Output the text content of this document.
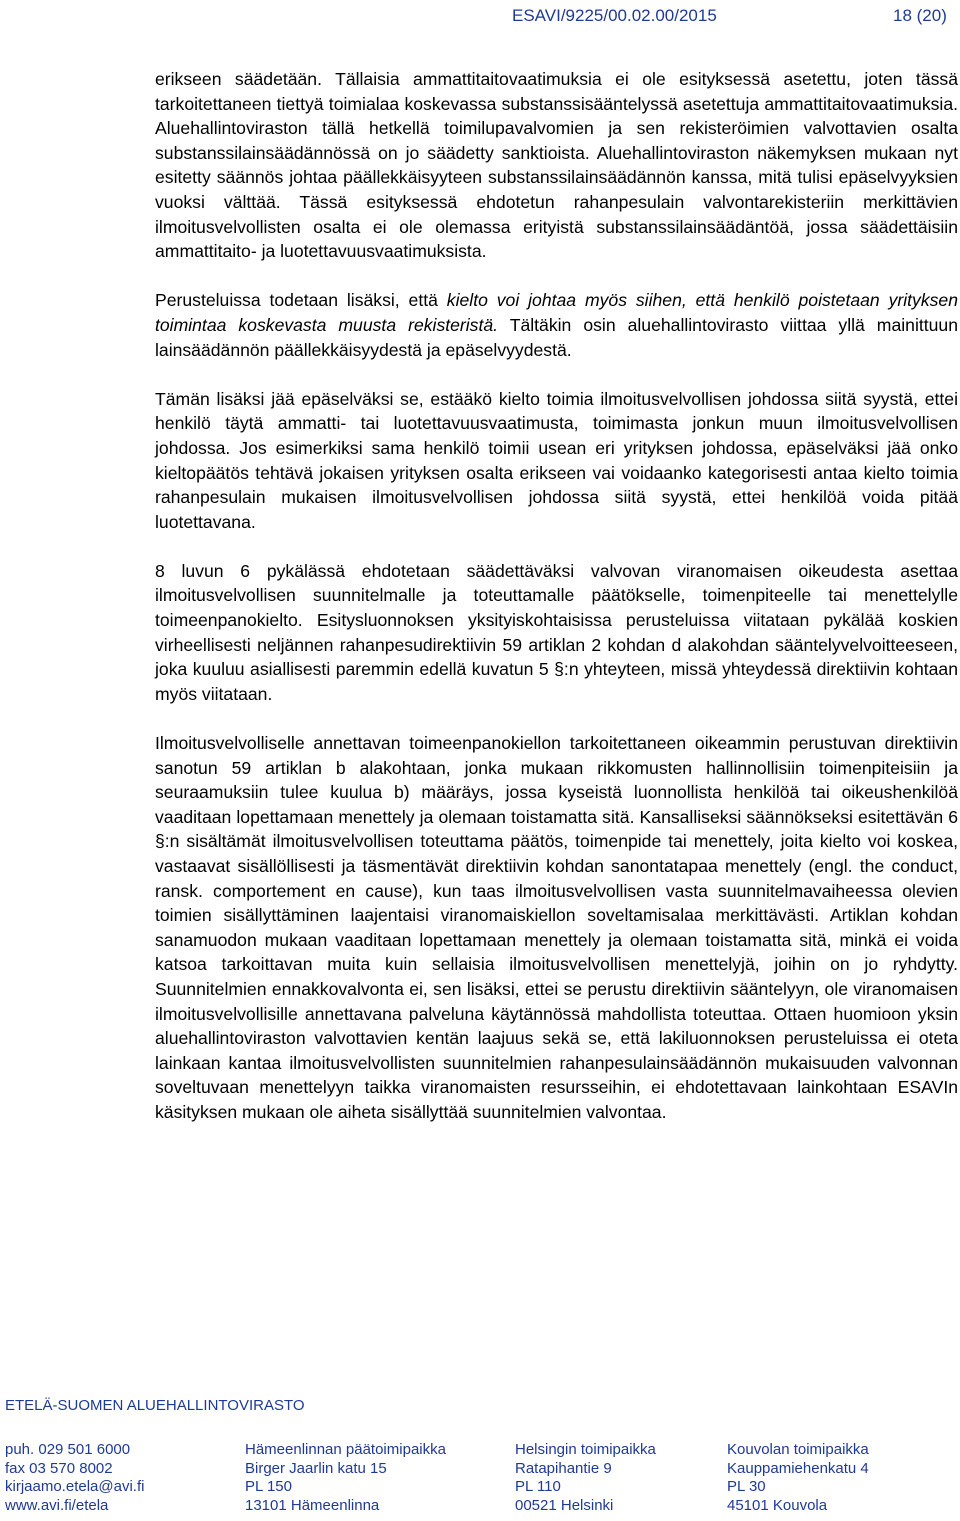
ESAVI/9225/00.02.00/2015	18 (20)

erikseen säädetään. Tällaisia ammattitaitovaatimuksia ei ole esityksessä asetettu, joten tässä tarkoitettaneen tiettyä toimialaa koskevassa substanssisääntelyssä asetettuja ammattitaitovaatimuksia. Aluehallintoviraston tällä hetkellä toimilupavalvomien ja sen rekisteröimien valvottavien osalta substanssilainsäädännössä on jo säädetty sanktioista. Aluehallintoviraston näkemyksen mukaan nyt esitetty säännös johtaa päällekkäisyyteen substanssilainsäädännön kanssa, mitä tulisi epäselvyyksien vuoksi välttää. Tässä esityksessä ehdotetun rahanpesulain valvontarekisteriin merkittävien ilmoitusvelvollisten osalta ei ole olemassa erityistä substanssilainsäädäntöä, jossa säädettäisiin ammattitaito- ja luotettavuusvaatimuksista.

Perusteluissa todetaan lisäksi, että kielto voi johtaa myös siihen, että henkilö poistetaan yrityksen toimintaa koskevasta muusta rekisteristä. Tältäkin osin aluehallintovirasto viittaa yllä mainittuun lainsäädännön päällekkäisyydestä ja epäselvyydestä.

Tämän lisäksi jää epäselväksi se, estääkö kielto toimia ilmoitusvelvollisen johdossa siitä syystä, ettei henkilö täytä ammatti- tai luotettavuusvaatimusta, toimimasta jonkun muun ilmoitusvelvollisen johdossa. Jos esimerkiksi sama henkilö toimii usean eri yrityksen johdossa, epäselväksi jää onko kieltopäätös tehtävä jokaisen yrityksen osalta erikseen vai voidaanko kategorisesti antaa kielto toimia rahanpesulain mukaisen ilmoitusvelvollisen johdossa siitä syystä, ettei henkilöä voida pitää luotettavana.

8 luvun 6 pykälässä ehdotetaan säädettäväksi valvovan viranomaisen oikeudesta asettaa ilmoitusvelvollisen suunnitelmalle ja toteuttamalle päätökselle, toimenpiteelle tai menettelylle toimeenpanokielto. Esitysluonnoksen yksityiskohtaisissa perusteluissa viitataan pykälää koskien virheellisesti neljännen rahanpesudirektiivin 59 artiklan 2 kohdan d alakohdan sääntelyvelvoitteeseen, joka kuuluu asiallisesti paremmin edellä kuvatun 5 §:n yhteyteen, missä yhteydessä direktiivin kohtaan myös viitataan.

Ilmoitusvelvolliselle annettavan toimeenpanokiellon tarkoitettaneen oikeammin perustuvan direktiivin sanotun 59 artiklan b alakohtaan, jonka mukaan rikkomusten hallinnollisiin toimenpiteisiin ja seuraamuksiin tulee kuulua b) määräys, jossa kyseistä luonnollista henkilöä tai oikeushenkilöä vaaditaan lopettamaan menettely ja olemaan toistamatta sitä. Kansalliseksi säännökseksi esitettävän 6 §:n sisältämät ilmoitusvelvollisen toteuttama päätös, toimenpide tai menettely, joita kielto voi koskea, vastaavat sisällöllisesti ja täsmentävät direktiivin kohdan sanontatapaa menettely (engl. the conduct, ransk. comportement en cause), kun taas ilmoitusvelvollisen vasta suunnitelmavaiheessa olevien toimien sisällyttäminen laajentaisi viranomaiskiellon soveltamisalaa merkittävästi. Artiklan kohdan sanamuodon mukaan vaaditaan lopettamaan menettely ja olemaan toistamatta sitä, minkä ei voida katsoa tarkoittavan muita kuin sellaisia ilmoitusvelvollisen menettelyjä, joihin on jo ryhdytty. Suunnitelmien ennakkovalvonta ei, sen lisäksi, ettei se perustu direktiivin sääntelyyn, ole viranomaisen ilmoitusvelvollisille annettavana palveluna käytännössä mahdollista toteuttaa. Ottaen huomioon yksin aluehallintoviraston valvottavien kentän laajuus sekä se, että lakiluonnoksen perusteluissa ei oteta lainkaan kantaa ilmoitusvelvollisten suunnitelmien rahanpesulainsäädännön mukaisuuden valvonnan soveltuvaan menettelyyn taikka viranomaisten resursseihin, ei ehdotettavaan lainkohtaan ESAVIn käsityksen mukaan ole aiheta sisällyttää suunnitelmien valvontaa.

ETELÄ-SUOMEN ALUEHALLINTOVIRASTO
puh. 029 501 6000
fax 03 570 8002
kirjaamo.etela@avi.fi
www.avi.fi/etela
Hämeenlinnan päätoimipaikka
Birger Jaarlin katu 15
PL 150
13101 Hämeenlinna
Helsingin toimipaikka
Ratapihantie 9
PL 110
00521 Helsinki
Kouvolan toimipaikka
Kauppamiehenkatu 4
PL 30
45101 Kouvola
